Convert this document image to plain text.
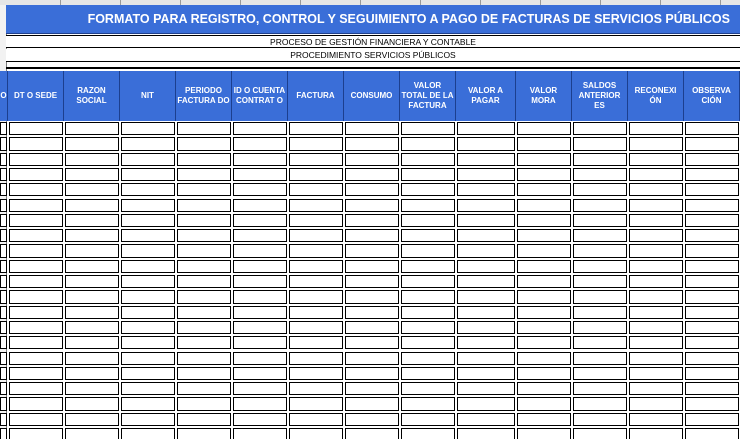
FORMATO PARA REGISTRO, CONTROL Y SEGUIMIENTO A PAGO DE FACTURAS DE SERVICIOS PÚBLICOS
PROCESO DE GESTIÓN FINANCIERA Y CONTABLE
PROCEDIMIENTO SERVICIOS PÚBLICOS
O DT O SEDE
RAZON SOCIAL
NIT
PERIODO FACTURA DO
ID O CUENTA CONTRAT O
FACTURA	CONSUMO
VALOR TOTAL DE LA FACTURA
VALOR A PAGAR
VALOR MORA
SALDOS ANTERIOR ES
RECONEXI ÓN
OBSERVA CIÓN
